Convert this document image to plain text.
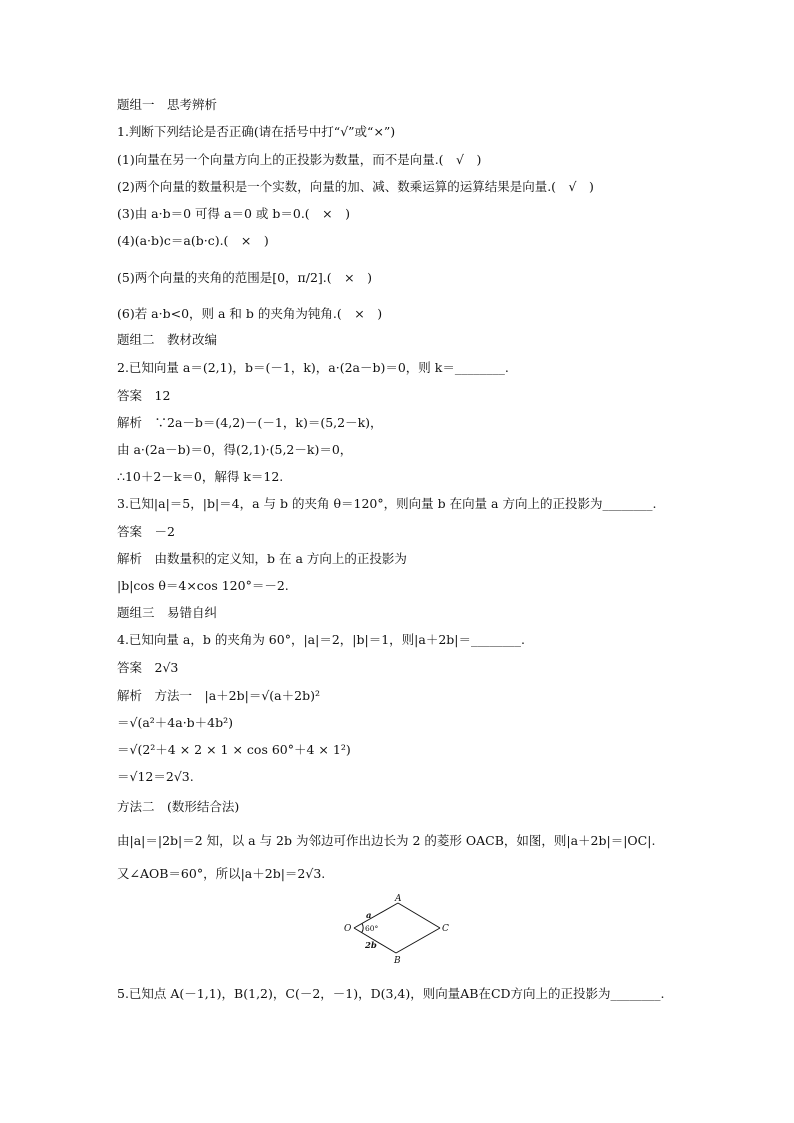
题组一　思考辨析
1.判断下列结论是否正确(请在括号中打“√”或“×”)
(1)向量在另一个向量方向上的正投影为数量，而不是向量.(　√　)
(2)两个向量的数量积是一个实数，向量的加、减、数乘运算的运算结果是向量.(　√　)
(3)由 a·b＝0 可得 a＝0 或 b＝0.(　×　)
(4)(a·b)c＝a(b·c).(　×　)
(5)两个向量的夹角的范围是[0，π/2].(　×　)
(6)若 a·b<0，则 a 和 b 的夹角为钝角.(　×　)
题组二　教材改编
2.已知向量 a＝(2,1)，b＝(－1，k)，a·(2a－b)＝0，则 k＝________.
答案　12
解析　∵2a－b＝(4,2)－(－1，k)＝(5,2－k)，
由 a·(2a－b)＝0，得(2,1)·(5,2－k)＝0，
∴10＋2－k＝0，解得 k＝12.
3.已知|a|＝5，|b|＝4，a 与 b 的夹角 θ＝120°，则向量 b 在向量 a 方向上的正投影为________.
答案　－2
解析　由数量积的定义知，b 在 a 方向上的正投影为
|b|cos θ＝4×cos 120°＝－2.
题组三　易错自纠
4.已知向量 a，b 的夹角为 60°，|a|＝2，|b|＝1，则|a＋2b|＝________.
答案　2√3
解析　方法一　|a＋2b|＝√(a＋2b)²
＝√(a²＋4a·b＋4b²)
＝√(2²＋4 × 2 × 1 × cos 60°＋4 × 1²)
＝√12＝2√3.
方法二　(数形结合法)
由|a|＝|2b|＝2 知，以 a 与 2b 为邻边可作出边长为 2 的菱形 OACB，如图，则|a＋2b|＝|OC|.
又∠AOB＝60°，所以|a＋2b|＝2√3.
A
B
C
O
a
2b
60°
5.已知点 A(－1,1)，B(1,2)，C(－2，－1)，D(3,4)，则向量AB在CD方向上的正投影为________.
